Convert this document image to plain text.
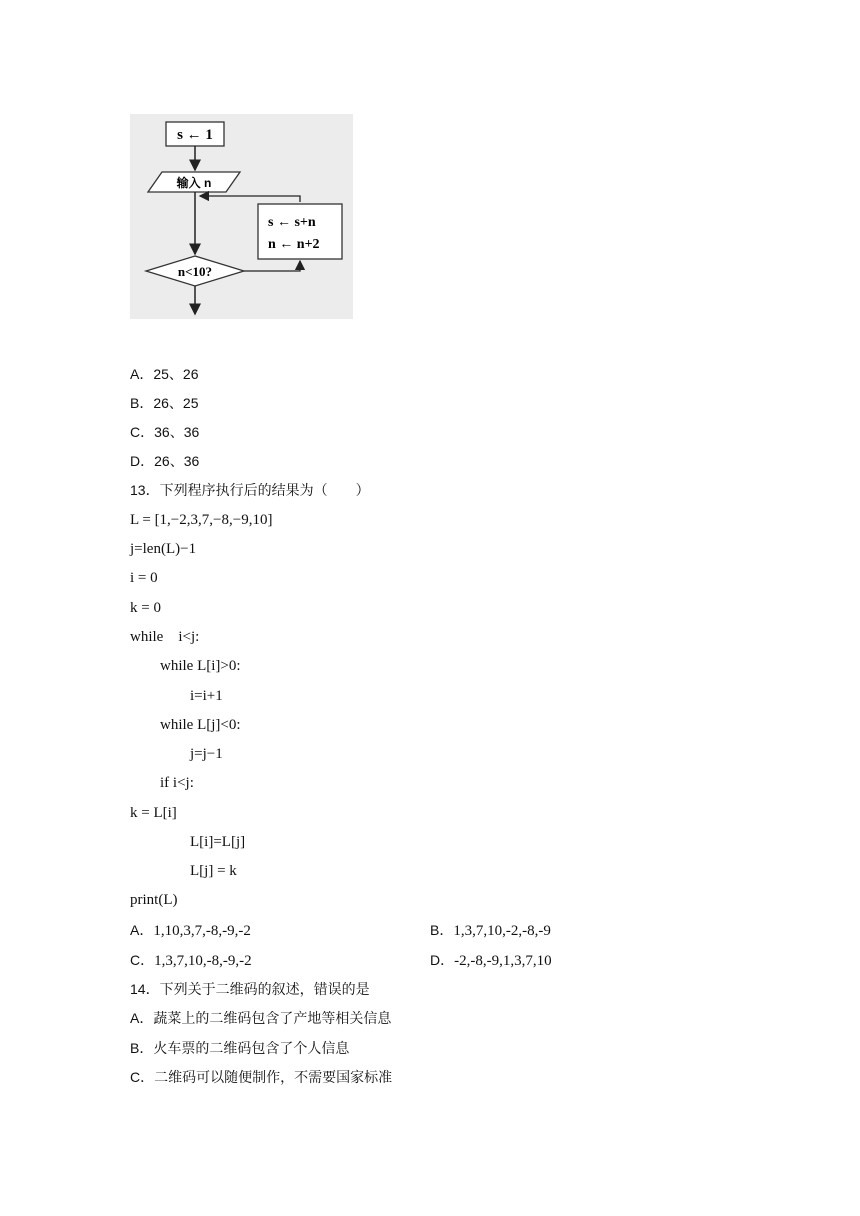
s ← 1
输入 n
s ← s+n
n ← n+2
n<10?
A．25、26
B．26、25
C．36、36
D．26、36
13．下列程序执行后的结果为（　　）
L = [1,−2,3,7,−8,−9,10]
j=len(L)−1
i = 0
k = 0
while    i<j:
while L[i]>0:
i=i+1
while L[j]<0:
j=j−1
if i<j:
k = L[i]
L[i]=L[j]
L[j] = k
print(L)
A．1,10,3,7,-8,-9,-2	B．1,3,7,10,-2,-8,-9
C．1,3,7,10,-8,-9,-2	D．-2,-8,-9,1,3,7,10
14．下列关于二维码的叙述，错误的是
A．蔬菜上的二维码包含了产地等相关信息
B．火车票的二维码包含了个人信息
C．二维码可以随便制作，不需要国家标准
